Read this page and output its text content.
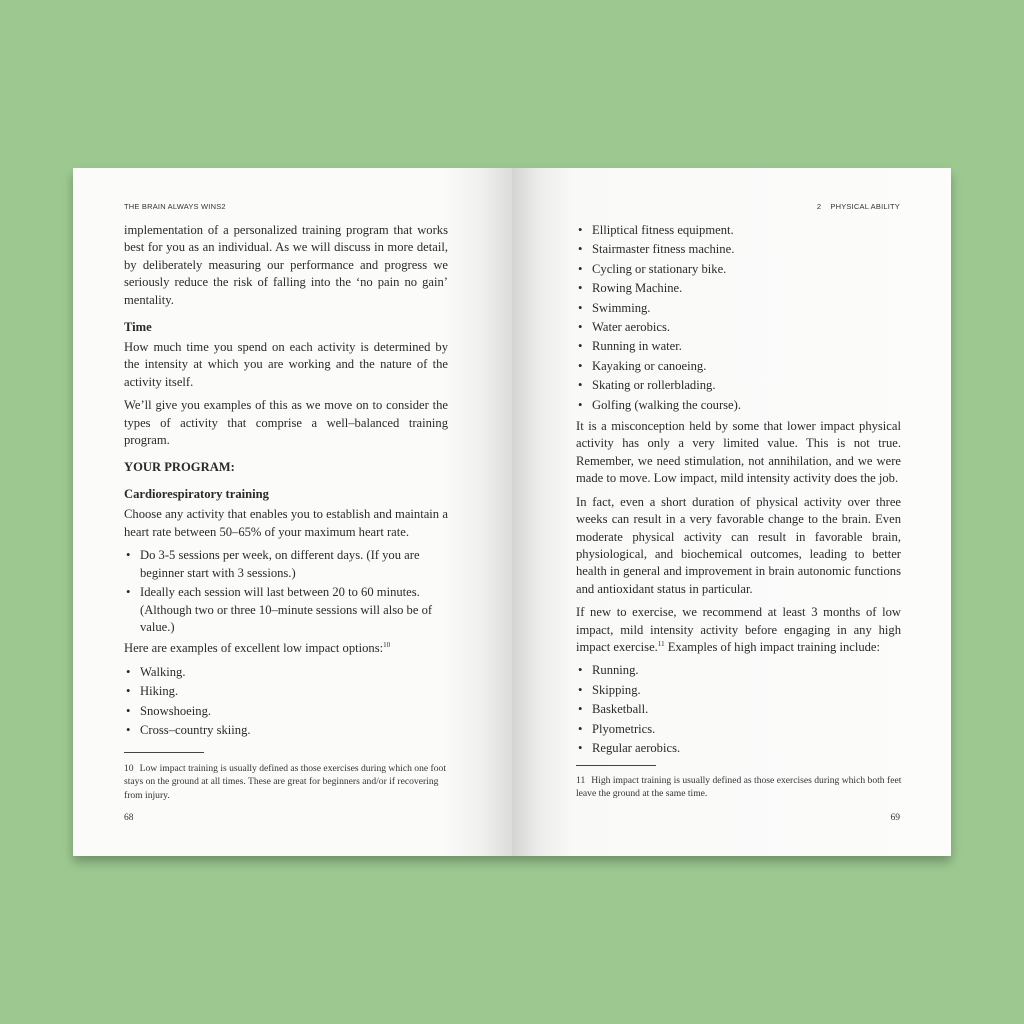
THE BRAIN ALWAYS WINS2

implementation of a personalized training program that works best for you as an individual. As we will discuss in more detail, by deliberately measuring our performance and progress we seriously reduce the risk of falling into the ‘no pain no gain’ mentality.

Time

How much time you spend on each activity is determined by the intensity at which you are working and the nature of the activity itself.

We’ll give you examples of this as we move on to consider the types of activity that comprise a well–balanced training program.

YOUR PROGRAM:
Cardiorespiratory training

Choose any activity that enables you to establish and maintain a heart rate between 50–65% of your maximum heart rate.

• Do 3-5 sessions per week, on different days. (If you are beginner start with 3 sessions.)
• Ideally each session will last between 20 to 60 minutes. (Although two or three 10–minute sessions will also be of value.)

Here are examples of excellent low impact options:$^{10}$

• Walking.
• Hiking.
• Snowshoeing.
• Cross–country skiing.
10 Low impact training is usually defined as those exercises during which one foot stays on the ground at all times. These are great for beginners and/or if recovering from injury.
68
2    PHYSICAL ABILITY
• Elliptical fitness equipment.
• Stairmaster fitness machine.
• Cycling or stationary bike.
• Rowing Machine.
• Swimming.
• Water aerobics.
• Running in water.
• Kayaking or canoeing.
• Skating or rollerblading.
• Golfing (walking the course).

It is a misconception held by some that lower impact physical activity has only a very limited value. This is not true. Remember, we need stimulation, not annihilation, and we were made to move. Low impact, mild intensity activity does the job.

In fact, even a short duration of physical activity over three weeks can result in a very favorable change to the brain. Even moderate physical activity can result in favorable brain, physiological, and biochemical outcomes, leading to better health in general and improvement in brain autonomic functions and antioxidant status in particular.

If new to exercise, we recommend at least 3 months of low impact, mild intensity activity before engaging in any high impact exercise.$^{11}$ Examples of high impact training include:

• Running.
• Skipping.
• Basketball.
• Plyometrics.
• Regular aerobics.
11 High impact training is usually defined as those exercises during which both feet leave the ground at the same time.
69
